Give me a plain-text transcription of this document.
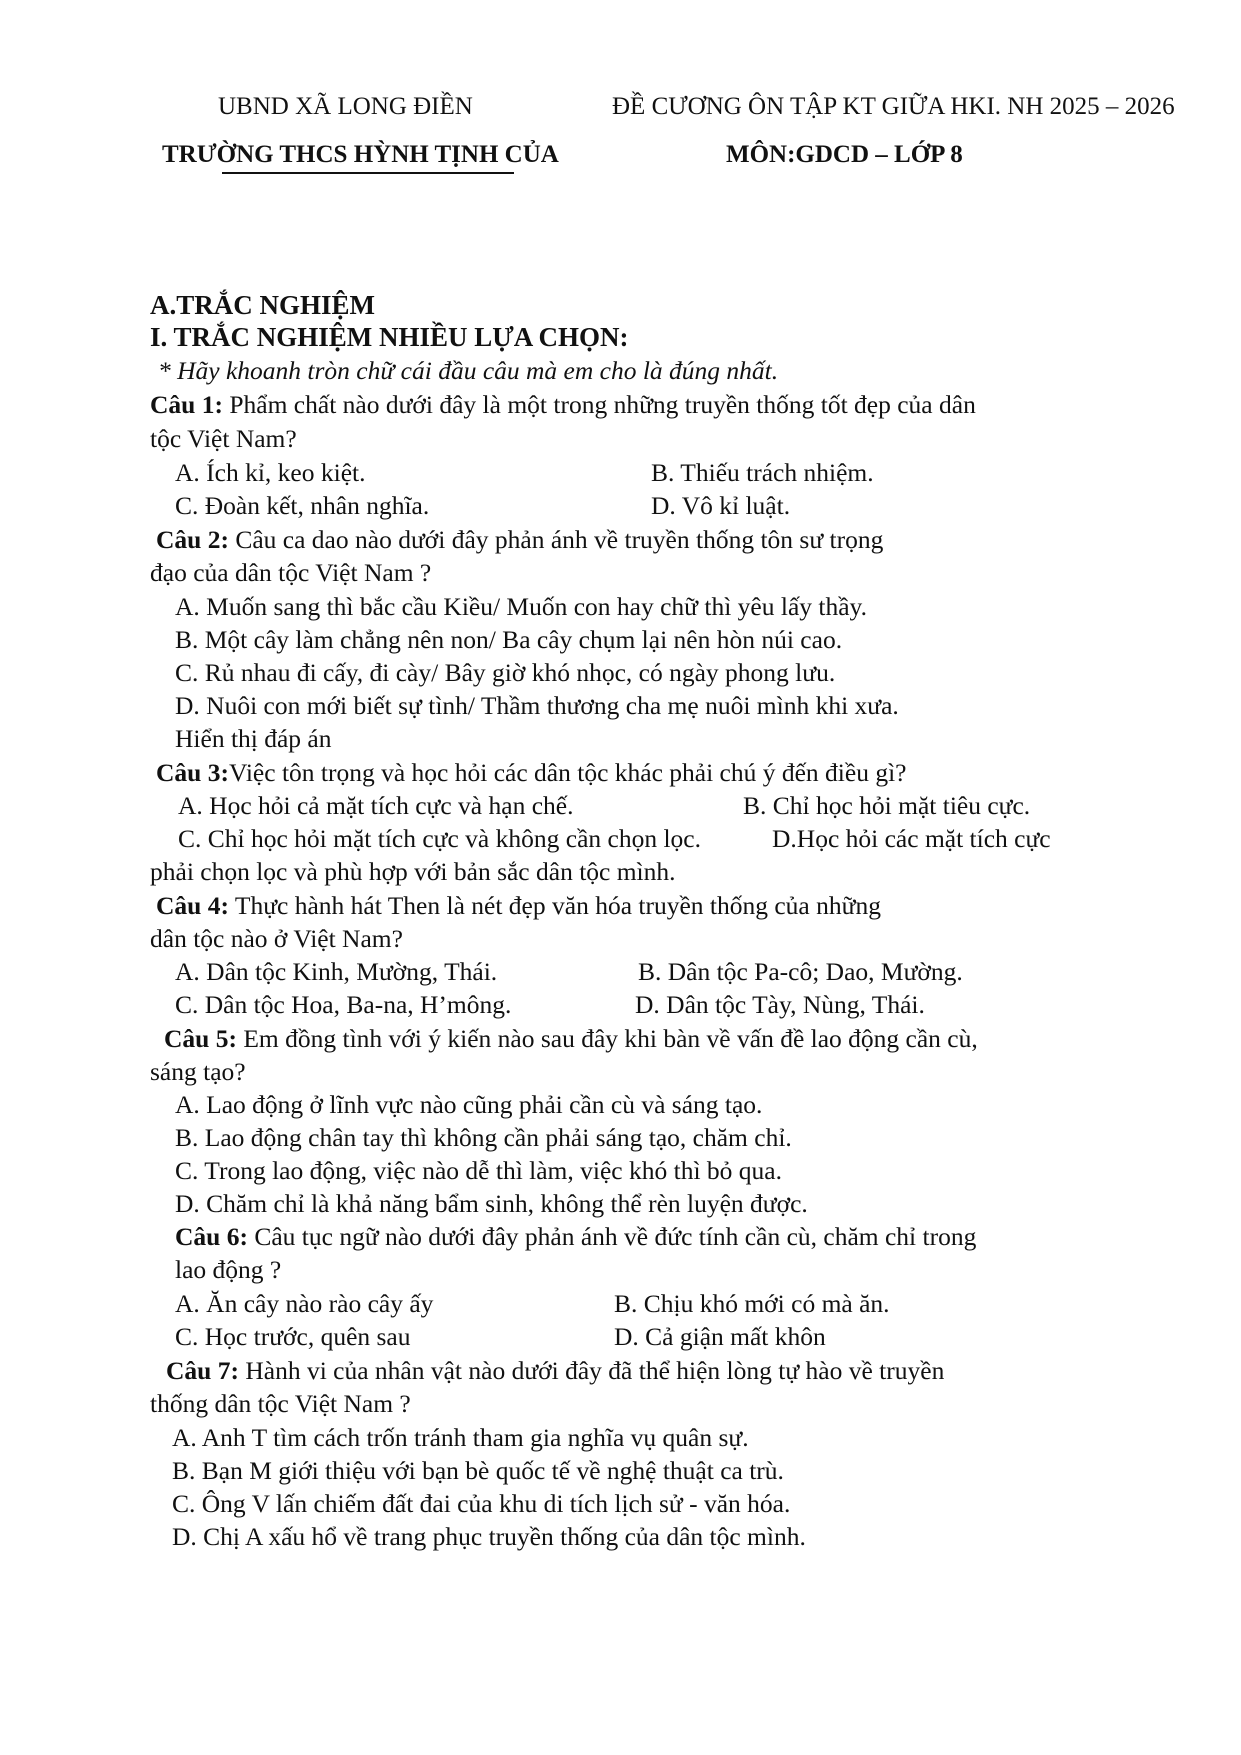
UBND XÃ LONG ĐIỀN	ĐỀ CƯƠNG ÔN TẬP KT GIỮA HKI. NH 2025 – 2026
TRƯỜNG THCS HỲNH TỊNH CỦA	MÔN:GDCD – LỚP 8
A.TRẮC NGHIỆM
I. TRẮC NGHIỆM NHIỀU LỰA CHỌN:
* Hãy khoanh tròn chữ cái đầu câu mà em cho là đúng nhất.
Câu 1: Phẩm chất nào dưới đây là một trong những truyền thống tốt đẹp của dân
tộc Việt Nam?
A. Ích kỉ, keo kiệt.	B. Thiếu trách nhiệm.
C. Đoàn kết, nhân nghĩa.	D. Vô kỉ luật.
Câu 2: Câu ca dao nào dưới đây phản ánh về truyền thống tôn sư trọng
đạo của dân tộc Việt Nam ?
A. Muốn sang thì bắc cầu Kiều/ Muốn con hay chữ thì yêu lấy thầy.
B. Một cây làm chẳng nên non/ Ba cây chụm lại nên hòn núi cao.
C. Rủ nhau đi cấy, đi cày/ Bây giờ khó nhọc, có ngày phong lưu.
D. Nuôi con mới biết sự tình/ Thầm thương cha mẹ nuôi mình khi xưa.
Hiển thị đáp án
Câu 3:Việc tôn trọng và học hỏi các dân tộc khác phải chú ý đến điều gì?
A. Học hỏi cả mặt tích cực và hạn chế.	B. Chỉ học hỏi mặt tiêu cực.
C. Chỉ học hỏi mặt tích cực và không cần chọn lọc.	D.Học hỏi các mặt tích cực
phải chọn lọc và phù hợp với bản sắc dân tộc mình.
Câu 4: Thực hành hát Then là nét đẹp văn hóa truyền thống của những
dân tộc nào ở Việt Nam?
A. Dân tộc Kinh, Mường, Thái.	B. Dân tộc Pa-cô; Dao, Mường.
C. Dân tộc Hoa, Ba-na, H’mông.	D. Dân tộc Tày, Nùng, Thái.
Câu 5: Em đồng tình với ý kiến nào sau đây khi bàn về vấn đề lao động cần cù,
sáng tạo?
A. Lao động ở lĩnh vực nào cũng phải cần cù và sáng tạo.
B. Lao động chân tay thì không cần phải sáng tạo, chăm chỉ.
C. Trong lao động, việc nào dễ thì làm, việc khó thì bỏ qua.
D. Chăm chỉ là khả năng bẩm sinh, không thể rèn luyện được.
Câu 6: Câu tục ngữ nào dưới đây phản ánh về đức tính cần cù, chăm chỉ trong
lao động ?
A. Ăn cây nào rào cây ấy	B. Chịu khó mới có mà ăn.
C. Học trước, quên sau	D. Cả giận mất khôn
Câu 7: Hành vi của nhân vật nào dưới đây đã thể hiện lòng tự hào về truyền
thống dân tộc Việt Nam ?
A. Anh T tìm cách trốn tránh tham gia nghĩa vụ quân sự.
B. Bạn M giới thiệu với bạn bè quốc tế về nghệ thuật ca trù.
C. Ông V lấn chiếm đất đai của khu di tích lịch sử - văn hóa.
D. Chị A xấu hổ về trang phục truyền thống của dân tộc mình.
